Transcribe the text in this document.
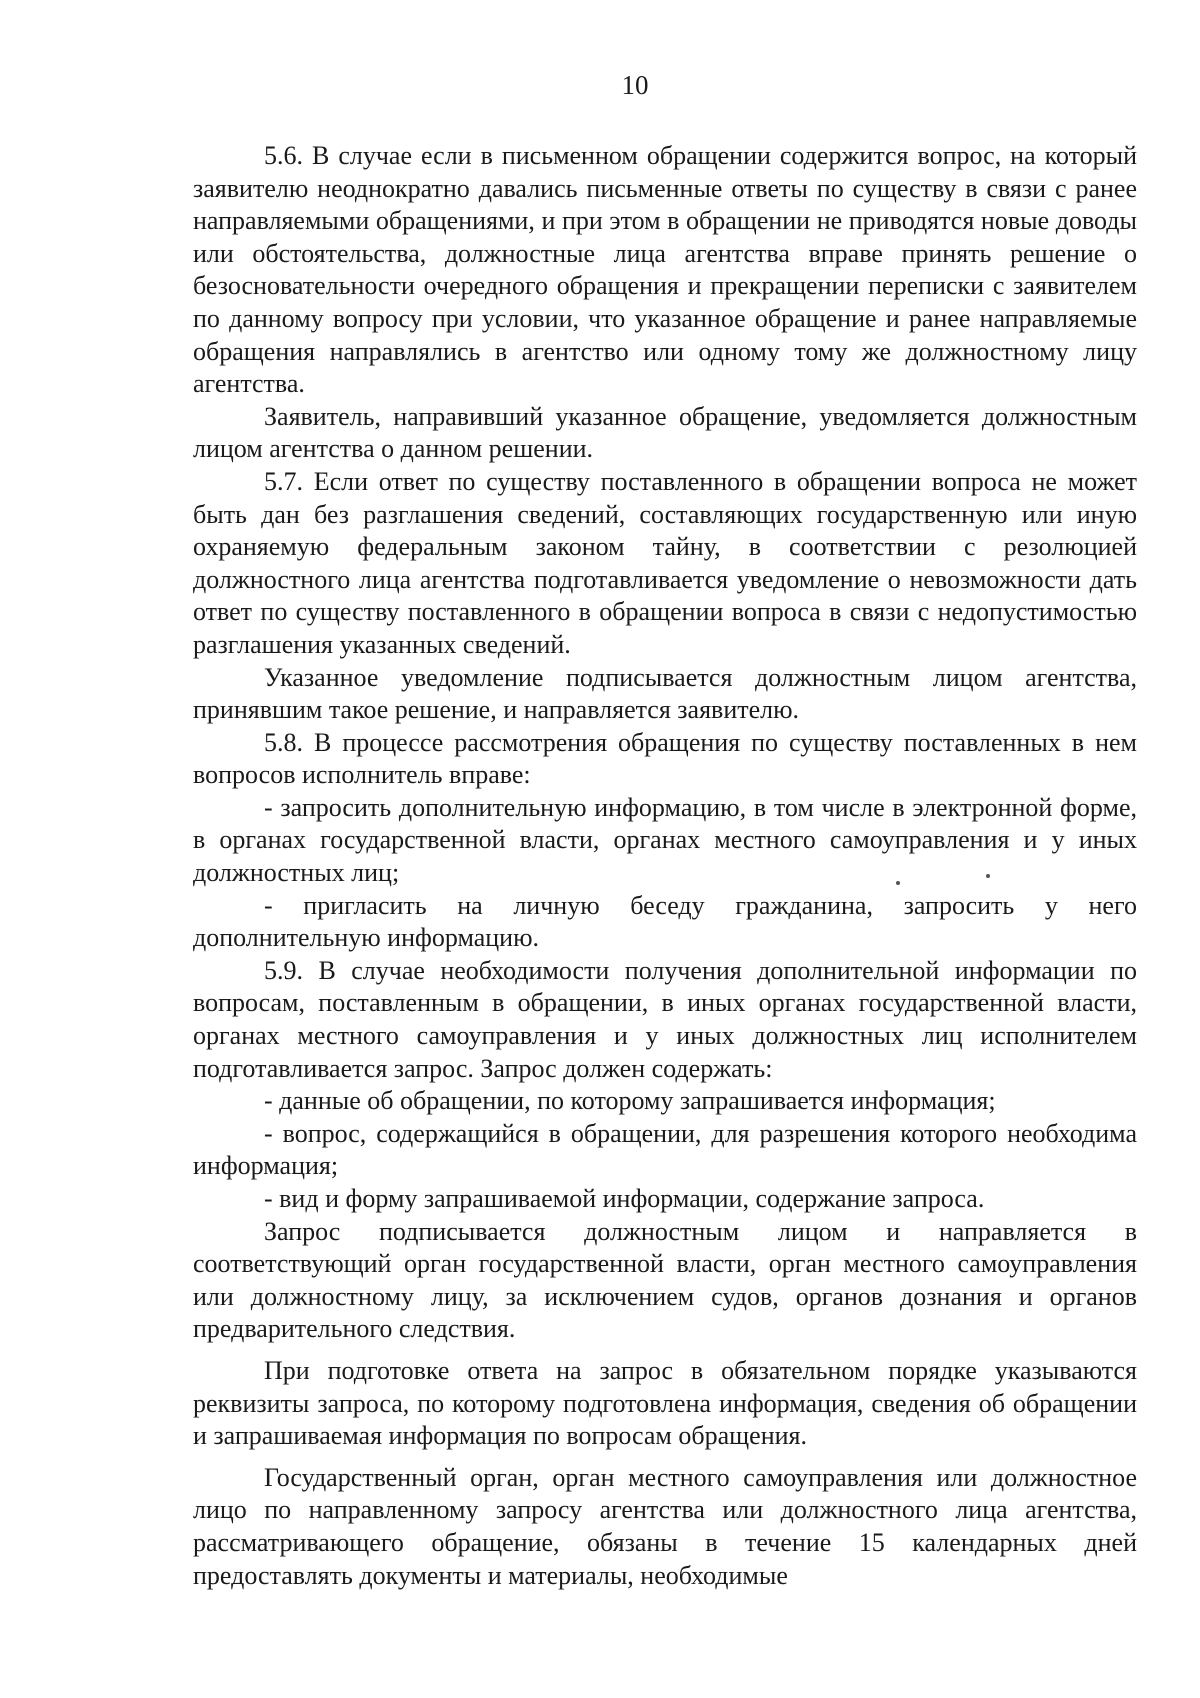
10

5.6. В случае если в письменном обращении содержится вопрос, на который заявителю неоднократно давались письменные ответы по существу в связи с ранее направляемыми обращениями, и при этом в обращении не приводятся новые доводы или обстоятельства, должностные лица агентства вправе принять решение о безосновательности очередного обращения и прекращении переписки с заявителем по данному вопросу при условии, что указанное обращение и ранее направляемые обращения направлялись в агентство или одному тому же должностному лицу агентства.

Заявитель, направивший указанное обращение, уведомляется должностным лицом агентства о данном решении.

5.7. Если ответ по существу поставленного в обращении вопроса не может быть дан без разглашения сведений, составляющих государственную или иную охраняемую федеральным законом тайну, в соответствии с резолюцией должностного лица агентства подготавливается уведомление о невозможности дать ответ по существу поставленного в обращении вопроса в связи с недопустимостью разглашения указанных сведений.

Указанное уведомление подписывается должностным лицом агентства, принявшим такое решение, и направляется заявителю.

5.8. В процессе рассмотрения обращения по существу поставленных в нем вопросов исполнитель вправе:

- запросить дополнительную информацию, в том числе в электронной форме, в органах государственной власти, органах местного самоуправления и у иных должностных лиц;

- пригласить на личную беседу гражданина, запросить у него дополнительную информацию.

5.9. В случае необходимости получения дополнительной информации по вопросам, поставленным в обращении, в иных органах государственной власти, органах местного самоуправления и у иных должностных лиц исполнителем подготавливается запрос. Запрос должен содержать:

- данные об обращении, по которому запрашивается информация;

- вопрос, содержащийся в обращении, для разрешения которого необходима информация;

- вид и форму запрашиваемой информации, содержание запроса.

Запрос подписывается должностным лицом и направляется в соответствующий орган государственной власти, орган местного самоуправления или должностному лицу, за исключением судов, органов дознания и органов предварительного следствия.

При подготовке ответа на запрос в обязательном порядке указываются реквизиты запроса, по которому подготовлена информация, сведения об обращении и запрашиваемая информация по вопросам обращения.

Государственный орган, орган местного самоуправления или должностное лицо по направленному запросу агентства или должностного лица агентства, рассматривающего обращение, обязаны в течение 15 календарных дней предоставлять документы и материалы, необходимые
